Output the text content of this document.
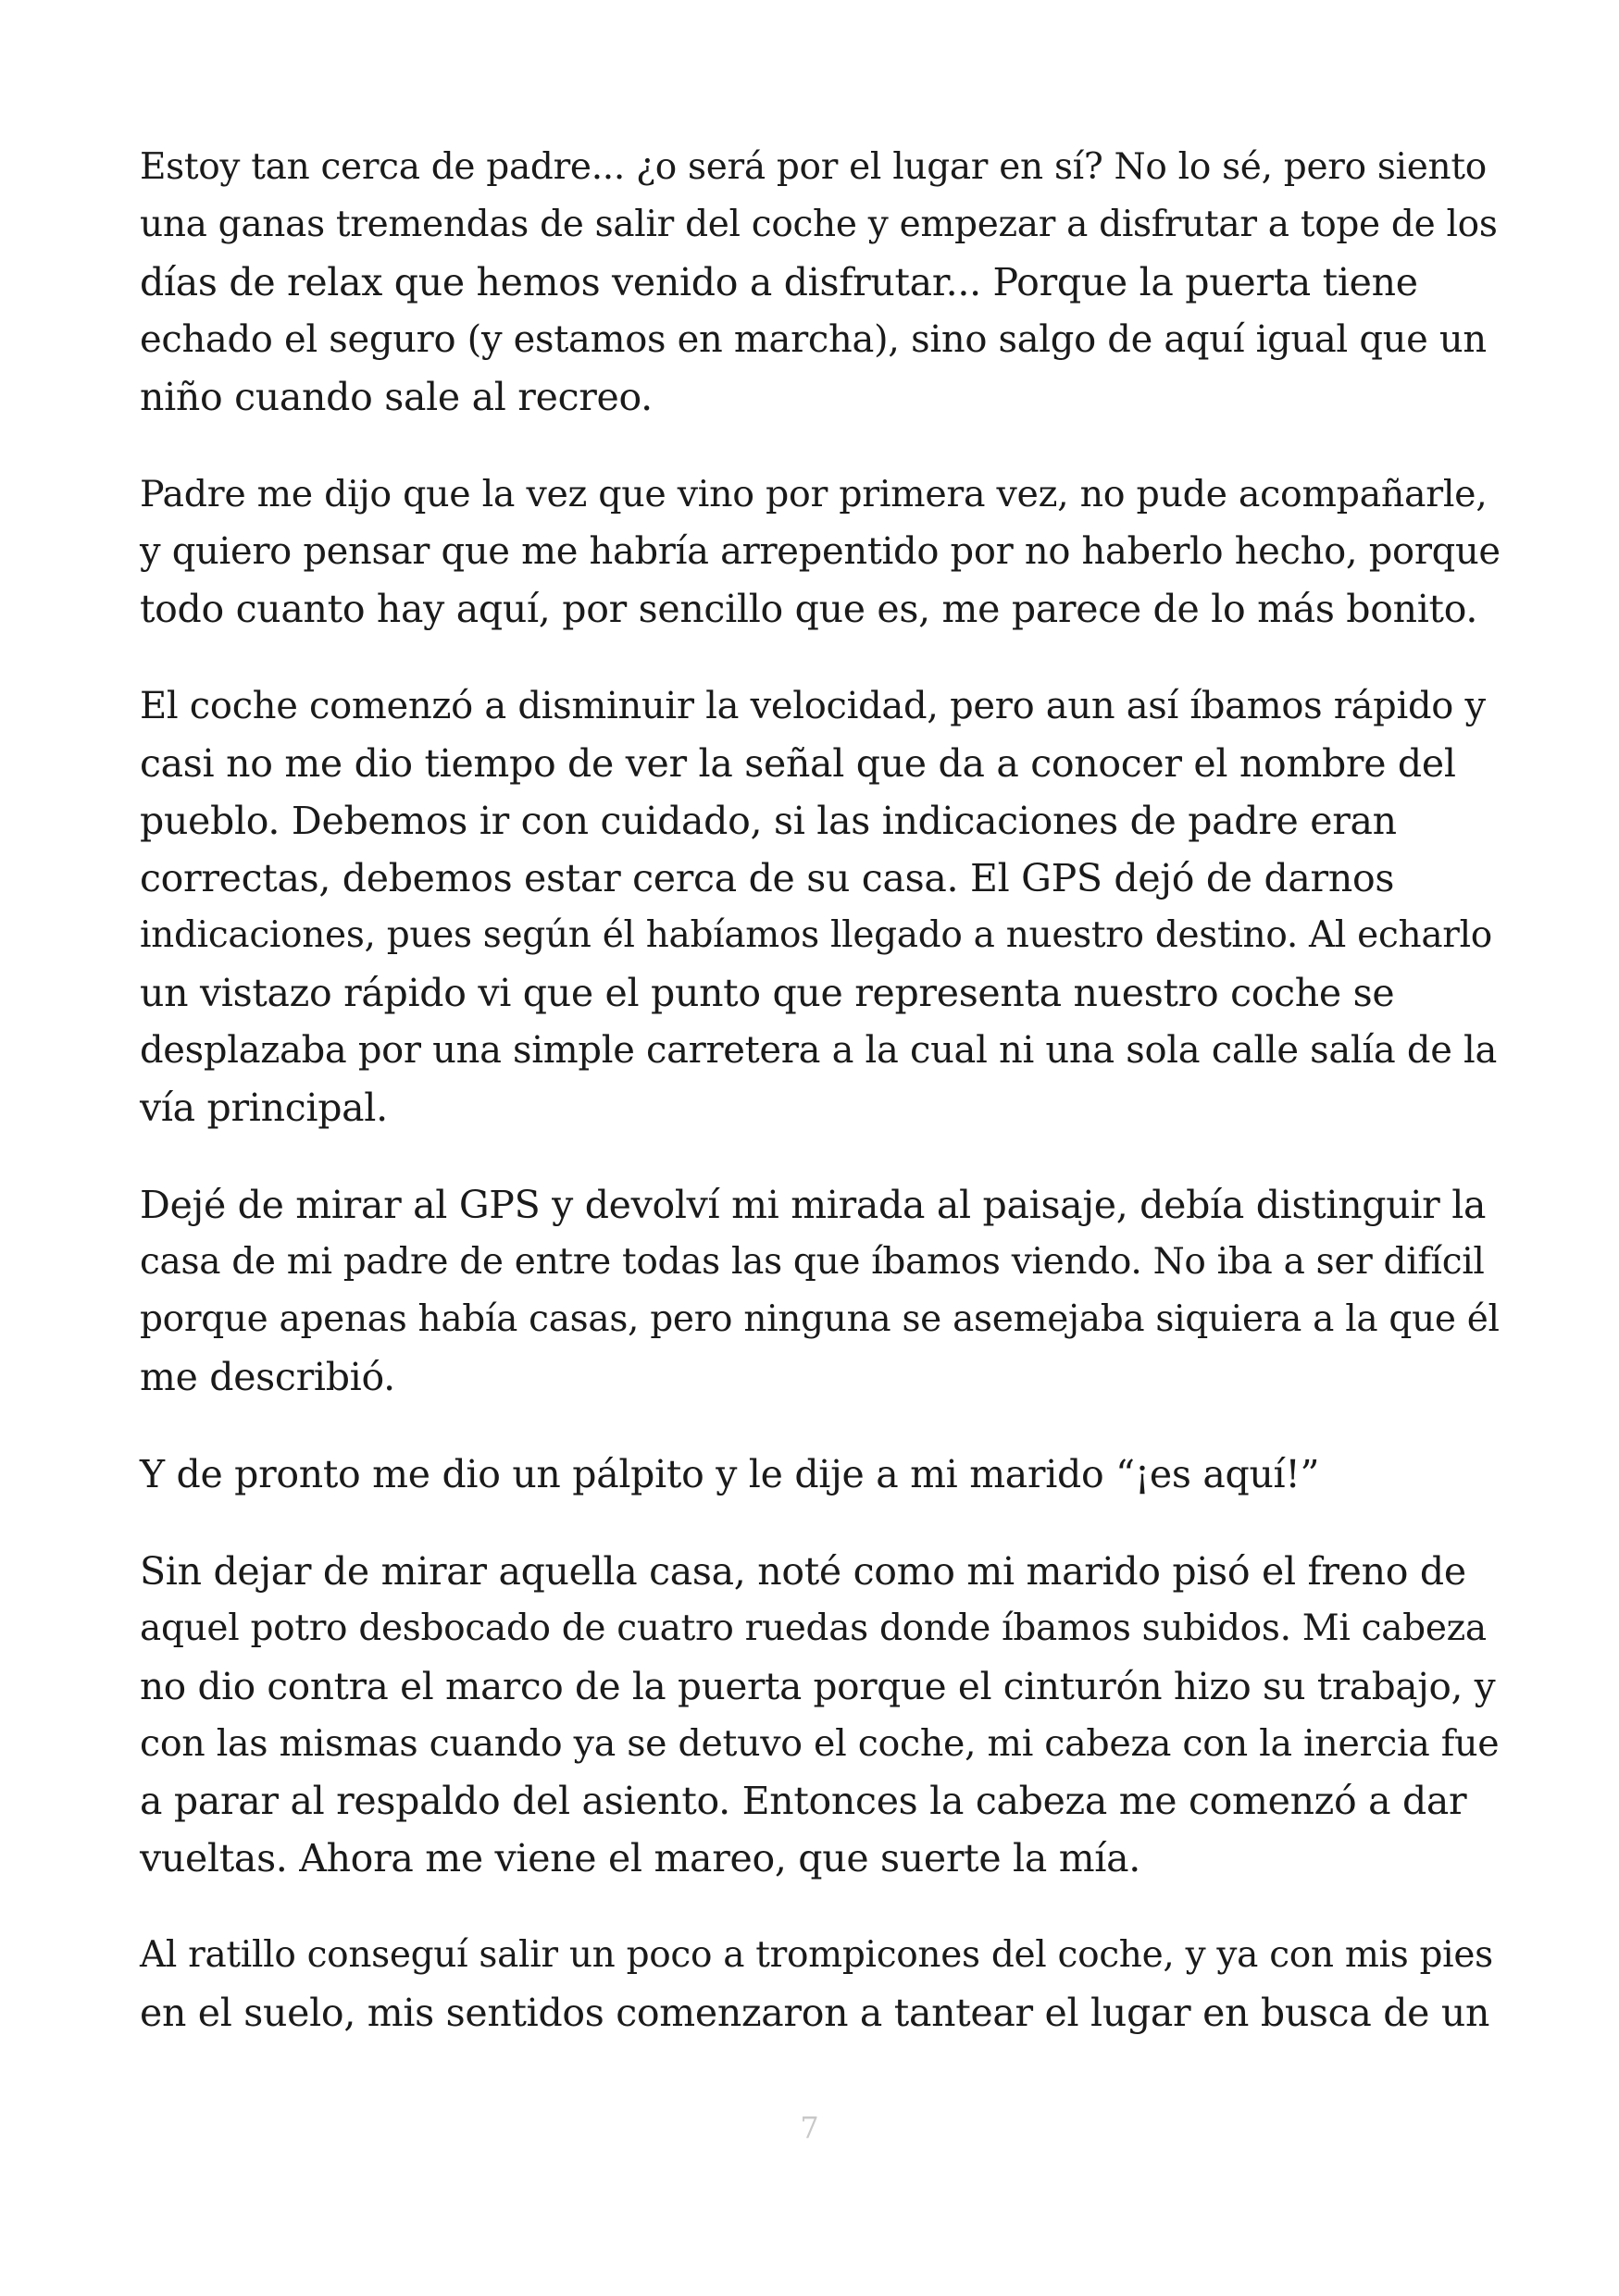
Estoy tan cerca de padre... ¿o será por el lugar en sí? No lo sé, pero siento
una ganas tremendas de salir del coche y empezar a disfrutar a tope de los
días de relax que hemos venido a disfrutar... Porque la puerta tiene
echado el seguro (y estamos en marcha), sino salgo de aquí igual que un
niño cuando sale al recreo.
Padre me dijo que la vez que vino por primera vez, no pude acompañarle,
y quiero pensar que me habría arrepentido por no haberlo hecho, porque
todo cuanto hay aquí, por sencillo que es, me parece de lo más bonito.
El coche comenzó a disminuir la velocidad, pero aun así íbamos rápido y
casi no me dio tiempo de ver la señal que da a conocer el nombre del
pueblo. Debemos ir con cuidado, si las indicaciones de padre eran
correctas, debemos estar cerca de su casa. El GPS dejó de darnos
indicaciones, pues según él habíamos llegado a nuestro destino. Al echarlo
un vistazo rápido vi que el punto que representa nuestro coche se
desplazaba por una simple carretera a la cual ni una sola calle salía de la
vía principal.
Dejé de mirar al GPS y devolví mi mirada al paisaje, debía distinguir la
casa de mi padre de entre todas las que íbamos viendo. No iba a ser difícil
porque apenas había casas, pero ninguna se asemejaba siquiera a la que él
me describió.
Y de pronto me dio un pálpito y le dije a mi marido “¡es aquí!”
Sin dejar de mirar aquella casa, noté como mi marido pisó el freno de
aquel potro desbocado de cuatro ruedas donde íbamos subidos. Mi cabeza
no dio contra el marco de la puerta porque el cinturón hizo su trabajo, y
con las mismas cuando ya se detuvo el coche, mi cabeza con la inercia fue
a parar al respaldo del asiento. Entonces la cabeza me comenzó a dar
vueltas. Ahora me viene el mareo, que suerte la mía.
Al ratillo conseguí salir un poco a trompicones del coche, y ya con mis pies
en el suelo, mis sentidos comenzaron a tantear el lugar en busca de un
7
